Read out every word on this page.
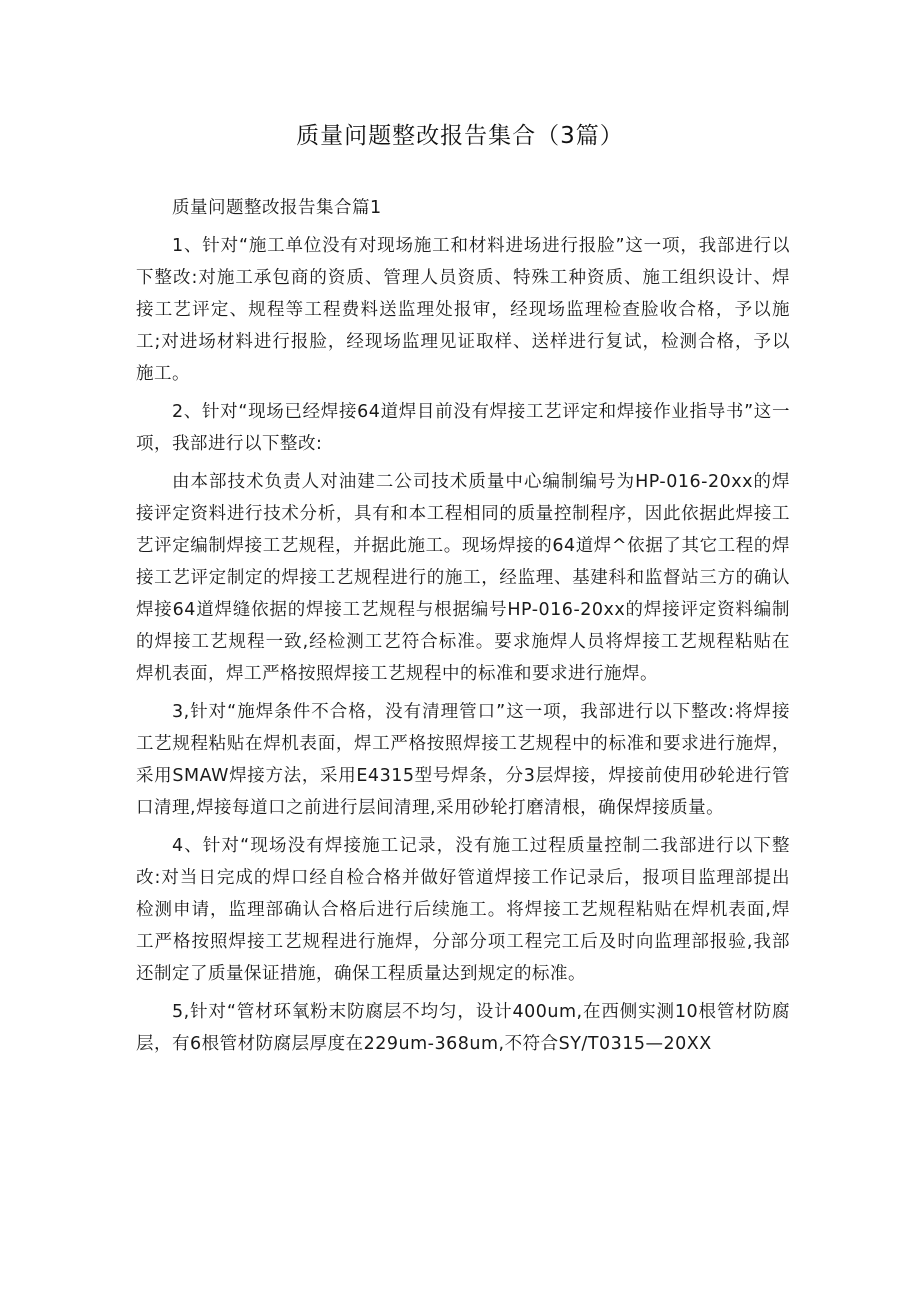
质量问题整改报告集合（3篇）

质量问题整改报告集合篇1

1、针对“施工单位没有对现场施工和材料进场进行报脸”这一项，我部进行以下整改:对施工承包商的资质、管理人员资质、特殊工种资质、施工组织设计、焊接工艺评定、规程等工程费料送监理处报审，经现场监理检查脸收合格，予以施工;对进场材料进行报脸，经现场监理见证取样、送样进行复试，检测合格，予以施工。

2、针对“现场已经焊接64道焊目前没有焊接工艺评定和焊接作业指导书”这一项，我部进行以下整改:

由本部技术负责人对油建二公司技术质量中心编制编号为HP-016-20xx的焊接评定资料进行技术分析，具有和本工程相同的质量控制程序，因此依据此焊接工艺评定编制焊接工艺规程，并据此施工。现场焊接的64道焊^依据了其它工程的焊接工艺评定制定的焊接工艺规程进行的施工，经监理、基建科和监督站三方的确认焊接64道焊缝依据的焊接工艺规程与根据编号HP-016-20xx的焊接评定资料编制的焊接工艺规程一致,经检测工艺符合标准。要求施焊人员将焊接工艺规程粘贴在焊机表面，焊工严格按照焊接工艺规程中的标准和要求进行施焊。

3,针对“施焊条件不合格，没有清理管口”这一项，我部进行以下整改:将焊接工艺规程粘贴在焊机表面，焊工严格按照焊接工艺规程中的标准和要求进行施焊，采用SMAW焊接方法，采用E4315型号焊条，分3层焊接，焊接前使用砂轮进行管口清理,焊接每道口之前进行层间清理,采用砂轮打磨清根，确保焊接质量。

4、针对“现场没有焊接施工记录，没有施工过程质量控制二我部进行以下整改:对当日完成的焊口经自检合格并做好管道焊接工作记录后，报项目监理部提出检测申请，监理部确认合格后进行后续施工。将焊接工艺规程粘贴在焊机表面,焊工严格按照焊接工艺规程进行施焊，分部分项工程完工后及时向监理部报验,我部还制定了质量保证措施，确保工程质量达到规定的标准。

5,针对“管材环氧粉末防腐层不均匀，设计400um,在西侧实测10根管材防腐层，有6根管材防腐层厚度在229um-368um,不符合SY/T0315—20XX
